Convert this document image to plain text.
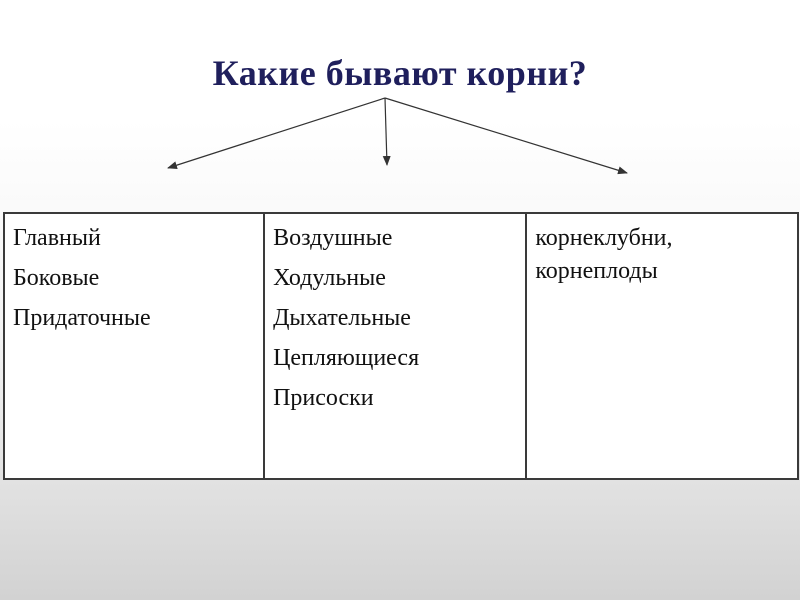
Какие бывают корни?
Главный
Боковые
Придаточные

Воздушные
Ходульные
Дыхательные
Цепляющиеся
Присоски

корнеклубни,
корнеплоды
